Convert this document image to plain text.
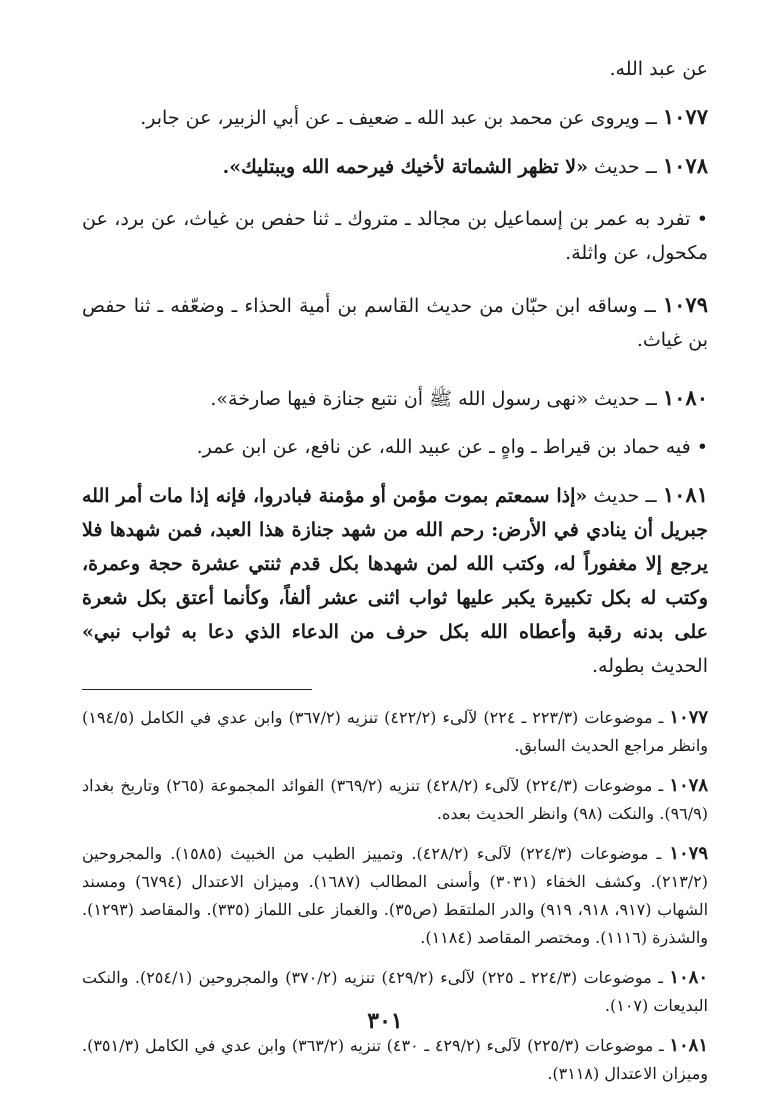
عن عبد الله.

١٠٧٧ ــ ويروى عن محمد بن عبد الله ـ ضعيف ـ عن أبي الزبير، عن جابر.

١٠٧٨ ــ حديث «لا تظهر الشماتة لأخيك فيرحمه الله ويبتليك».

• تفرد به عمر بن إسماعيل بن مجالد ـ متروك ـ ثنا حفص بن غياث، عن برد، عن مكحول، عن واثلة.

١٠٧٩ ــ وساقه ابن حبّان من حديث القاسم بن أمية الحذاء ـ وضعّفه ـ ثنا حفص بن غياث.

١٠٨٠ ــ حديث «نهى رسول الله ﷺ أن نتبع جنازة فيها صارخة».

• فيه حماد بن قيراط ـ واهٍ ـ عن عبيد الله، عن نافع، عن ابن عمر.

١٠٨١ ــ حديث «إذا سمعتم بموت مؤمن أو مؤمنة فبادروا، فإنه إذا مات أمر الله جبريل أن ينادي في الأرض: رحم الله من شهد جنازة هذا العبد، فمن شهدها فلا يرجع إلا مغفوراً له، وكتب الله لمن شهدها بكل قدم ثنتي عشرة حجة وعمرة، وكتب له بكل تكبيرة يكبر عليها ثواب اثنى عشر ألفاً، وكأنما أعتق بكل شعرة على بدنه رقبة وأعطاه الله بكل حرف من الدعاء الذي دعا به ثواب نبي» الحديث بطوله.

١٠٧٧ ـ موضوعات (٢٢٣/٣ ـ ٢٢٤) لآلىء (٤٢٢/٢) تنزيه (٣٦٧/٢) وابن عدي في الكامل (١٩٤/٥) وانظر مراجع الحديث السابق.

١٠٧٨ ـ موضوعات (٢٢٤/٣) لآلىء (٤٢٨/٢) تنزيه (٣٦٩/٢) الفوائد المجموعة (٢٦٥) وتاريخ بغداد (٩٦/٩). والنكت (٩٨) وانظر الحديث بعده.

١٠٧٩ ـ موضوعات (٢٢٤/٣) لآلىء (٤٢٨/٢). وتمييز الطيب من الخبيث (١٥٨٥). والمجروحين (٢١٣/٢). وكشف الخفاء (٣٠٣١) وأسنى المطالب (١٦٨٧). وميزان الاعتدال (٦٧٩٤) ومسند الشهاب (٩١٧، ٩١٨، ٩١٩) والدر الملتقط (ص٣٥). والغماز على اللماز (٣٣٥). والمقاصد (١٢٩٣). والشذرة (١١١٦). ومختصر المقاصد (١١٨٤).

١٠٨٠ ـ موضوعات (٢٢٤/٣ ـ ٢٢٥) لآلىء (٤٢٩/٢) تنزيه (٣٧٠/٢) والمجروحين (٢٥٤/١). والنكت البديعات (١٠٧).

١٠٨١ ـ موضوعات (٢٢٥/٣) لآلىء (٤٢٩/٢ ـ ٤٣٠) تنزيه (٣٦٣/٢) وابن عدي في الكامل (٣٥١/٣). وميزان الاعتدال (٣١١٨).

٣٠١
